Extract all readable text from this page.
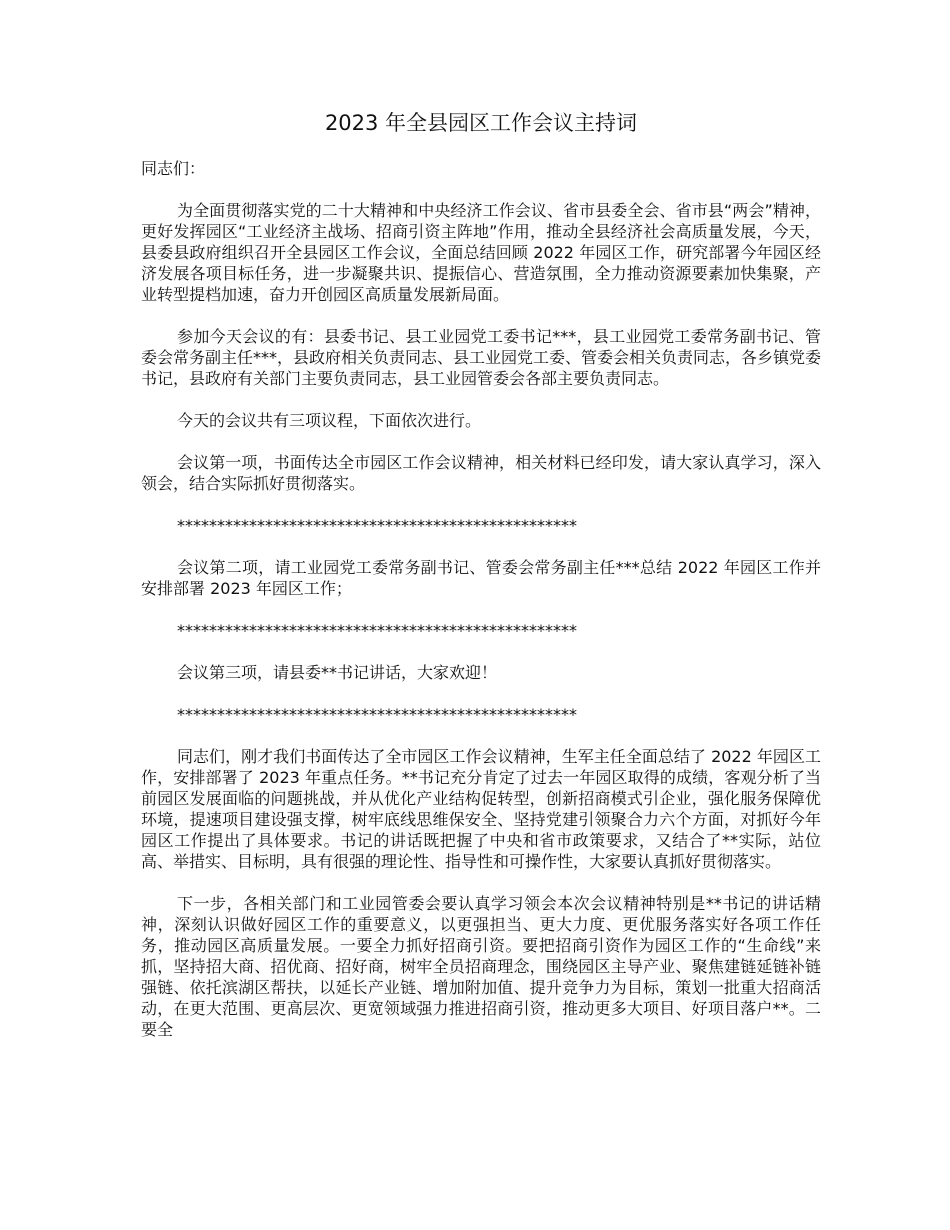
2023 年全县园区工作会议主持词

同志们：

为全面贯彻落实党的二十大精神和中央经济工作会议、省市县委全会、省市县“两会”精神，更好发挥园区“工业经济主战场、招商引资主阵地”作用，推动全县经济社会高质量发展，今天，县委县政府组织召开全县园区工作会议，全面总结回顾 2022 年园区工作，研究部署今年园区经济发展各项目标任务，进一步凝聚共识、提振信心、营造氛围，全力推动资源要素加快集聚，产业转型提档加速，奋力开创园区高质量发展新局面。

参加今天会议的有：县委书记、县工业园党工委书记***，县工业园党工委常务副书记、管委会常务副主任***，县政府相关负责同志、县工业园党工委、管委会相关负责同志，各乡镇党委书记，县政府有关部门主要负责同志，县工业园管委会各部主要负责同志。

今天的会议共有三项议程，下面依次进行。

会议第一项，书面传达全市园区工作会议精神，相关材料已经印发，请大家认真学习，深入领会，结合实际抓好贯彻落实。

**************************************************

会议第二项，请工业园党工委常务副书记、管委会常务副主任***总结 2022 年园区工作并安排部署 2023 年园区工作；

**************************************************

会议第三项，请县委**书记讲话，大家欢迎！

**************************************************

同志们，刚才我们书面传达了全市园区工作会议精神，生军主任全面总结了 2022 年园区工作，安排部署了 2023 年重点任务。**书记充分肯定了过去一年园区取得的成绩，客观分析了当前园区发展面临的问题挑战，并从优化产业结构促转型，创新招商模式引企业，强化服务保障优环境，提速项目建设强支撑，树牢底线思维保安全、坚持党建引领聚合力六个方面，对抓好今年园区工作提出了具体要求。书记的讲话既把握了中央和省市政策要求，又结合了**实际，站位高、举措实、目标明，具有很强的理论性、指导性和可操作性，大家要认真抓好贯彻落实。

下一步，各相关部门和工业园管委会要认真学习领会本次会议精神特别是**书记的讲话精神，深刻认识做好园区工作的重要意义，以更强担当、更大力度、更优服务落实好各项工作任务，推动园区高质量发展。一要全力抓好招商引资。要把招商引资作为园区工作的“生命线”来抓，坚持招大商、招优商、招好商，树牢全员招商理念，围绕园区主导产业、聚焦建链延链补链强链、依托滨湖区帮扶，以延长产业链、增加附加值、提升竞争力为目标，策划一批重大招商活动，在更大范围、更高层次、更宽领域强力推进招商引资，推动更多大项目、好项目落户**。二要全
